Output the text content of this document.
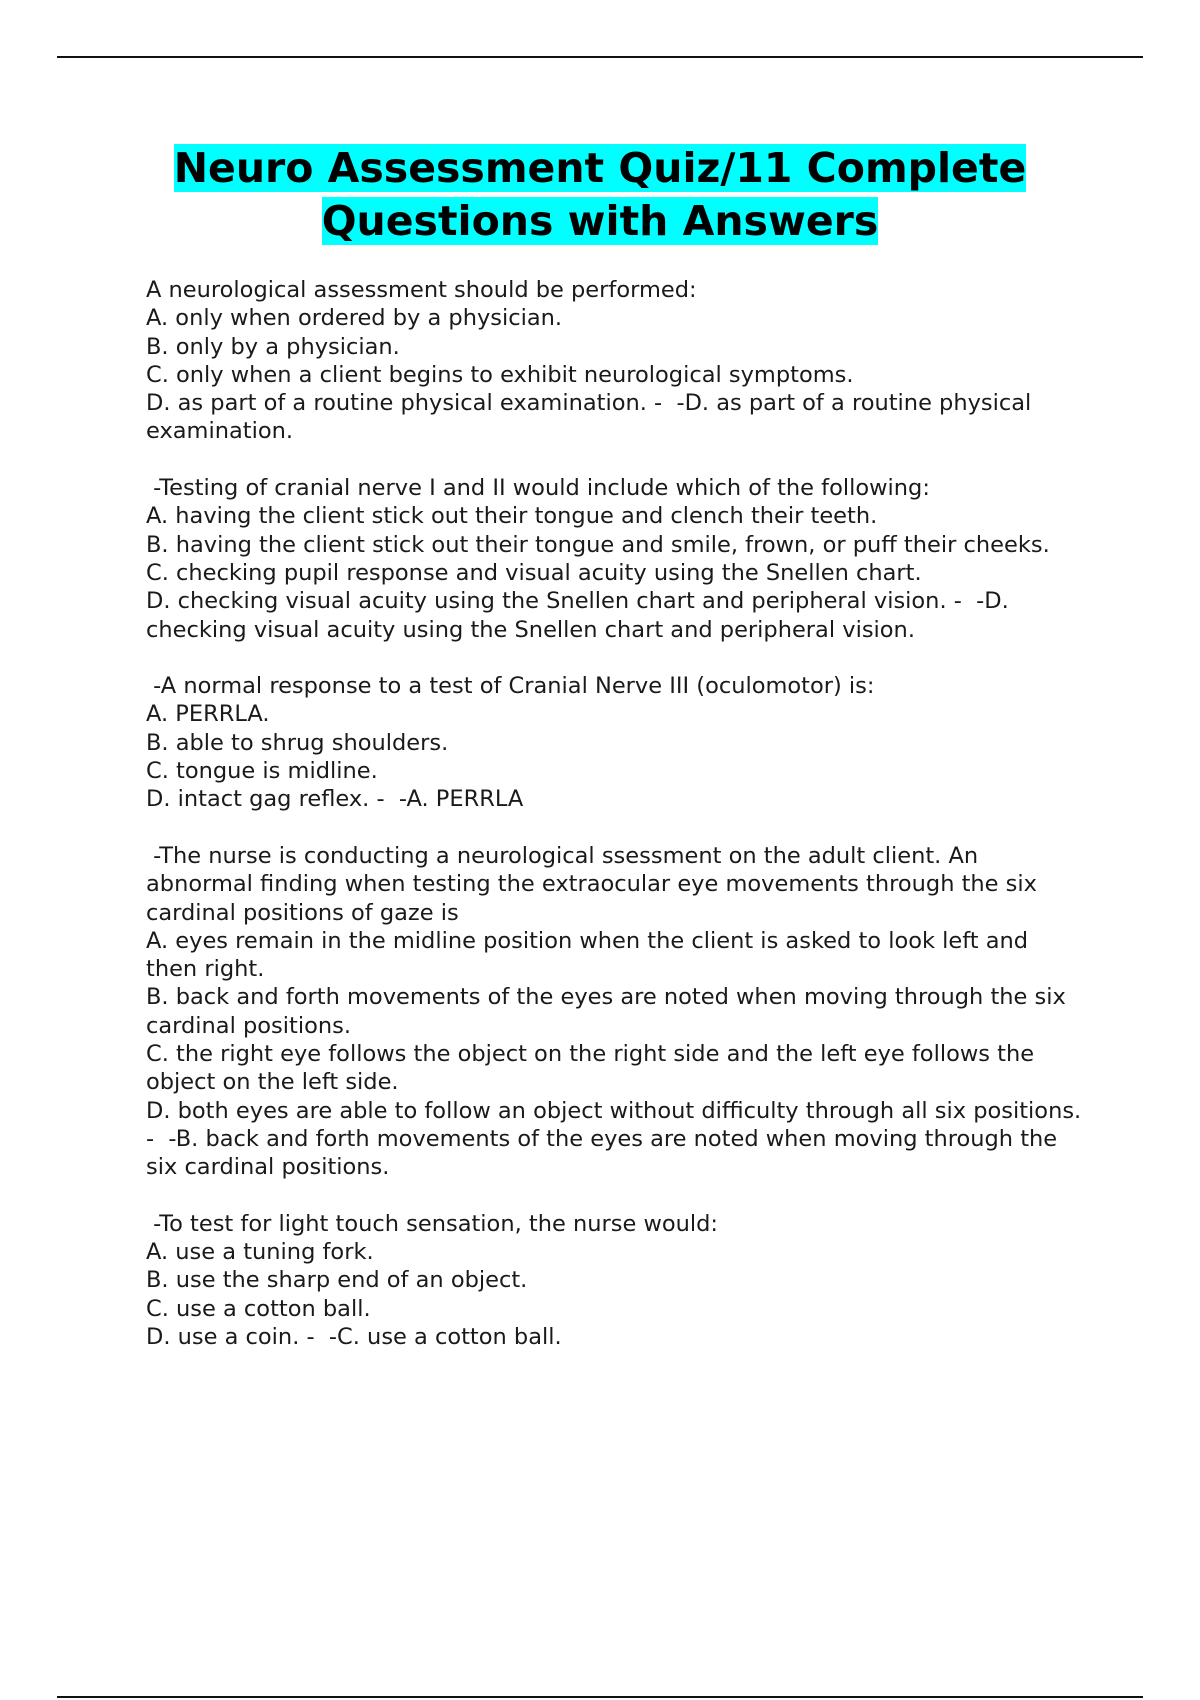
Neuro Assessment Quiz/11 Complete
Questions with Answers
A neurological assessment should be performed:
A. only when ordered by a physician.
B. only by a physician.
C. only when a client begins to exhibit neurological symptoms.
D. as part of a routine physical examination. -  -D. as part of a routine physical examination.
-Testing of cranial nerve I and II would include which of the following:
A. having the client stick out their tongue and clench their teeth.
B. having the client stick out their tongue and smile, frown, or puff their cheeks.
C. checking pupil response and visual acuity using the Snellen chart.
D. checking visual acuity using the Snellen chart and peripheral vision. -  -D. checking visual acuity using the Snellen chart and peripheral vision.
-A normal response to a test of Cranial Nerve III (oculomotor) is:
A. PERRLA.
B. able to shrug shoulders.
C. tongue is midline.
D. intact gag reflex. -  -A. PERRLA
-The nurse is conducting a neurological ssessment on the adult client. An abnormal finding when testing the extraocular eye movements through the six cardinal positions of gaze is
A. eyes remain in the midline position when the client is asked to look left and then right.
B. back and forth movements of the eyes are noted when moving through the six cardinal positions.
C. the right eye follows the object on the right side and the left eye follows the object on the left side.
D. both eyes are able to follow an object without difficulty through all six positions. -  -B. back and forth movements of the eyes are noted when moving through the six cardinal positions.
-To test for light touch sensation, the nurse would:
A. use a tuning fork.
B. use the sharp end of an object.
C. use a cotton ball.
D. use a coin. -  -C. use a cotton ball.
